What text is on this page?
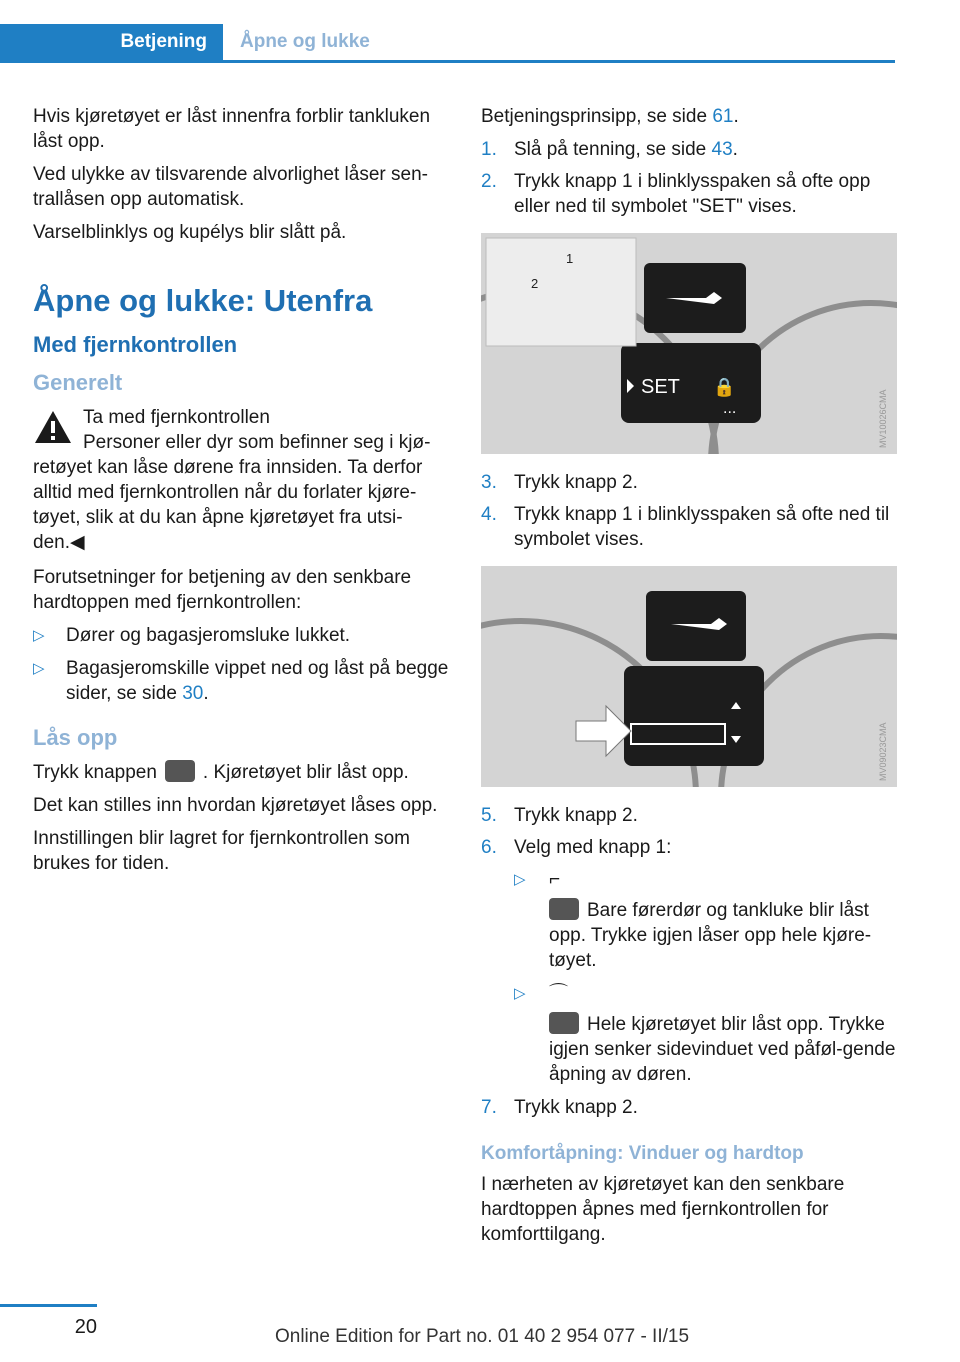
Betjening	Åpne og lukke

Hvis kjøretøyet er låst innenfra forblir tankluken låst opp.

Ved ulykke av tilsvarende alvorlighet låser sen‐trallåsen opp automatisk.

Varselblinklys og kupélys blir slått på.

Åpne og lukke: Utenfra
Med fjernkontrollen
Generelt
Ta med fjernkontrollen
Personer eller dyr som befinner seg i kjø‐
retøyet kan låse dørene fra innsiden. Ta derfor alltid med fjernkontrollen når du forlater kjøre‐tøyet, slik at du kan åpne kjøretøyet fra utsi‐den.◀

Forutsetninger for betjening av den senkbare hardtoppen med fjernkontrollen:

▷ Dører og bagasjeromsluke lukket.
▷ Bagasjeromskille vippet ned og låst på begge sider, se side 30.
Lås opp

Trykk knappen . Kjøretøyet blir låst opp.

Det kan stilles inn hvordan kjøretøyet låses opp.

Innstillingen blir lagret for fjernkontrollen som brukes for tiden.

Betjeningsprinsipp, se side 61.

1. Slå på tenning, se side 43.
2. Trykk knapp 1 i blinklysspaken så ofte opp eller ned til symbolet "SET" vises.
SET 🔒
...
1
2
MV10026CMA
3. Trykk knapp 2.
4. Trykk knapp 1 i blinklysspaken så ofte ned til symbolet vises.
MV09023CMA
5. Trykk knapp 2.
6. Velg med knapp 1:
▷ ⌐
Bare førerdør og tankluke blir låst opp. Trykke igjen låser opp hele kjøre‐tøyet.
▷ ⌒
Hele kjøretøyet blir låst opp. Trykke igjen senker sidevinduet ved påføl‐gende åpning av døren.
7. Trykk knapp 2.
Komfortåpning: Vinduer og hardtop

I nærheten av kjøretøyet kan den senkbare hardtoppen åpnes med fjernkontrollen for komforttilgang.

20	Online Edition for Part no. 01 40 2 954 077 - II/15
